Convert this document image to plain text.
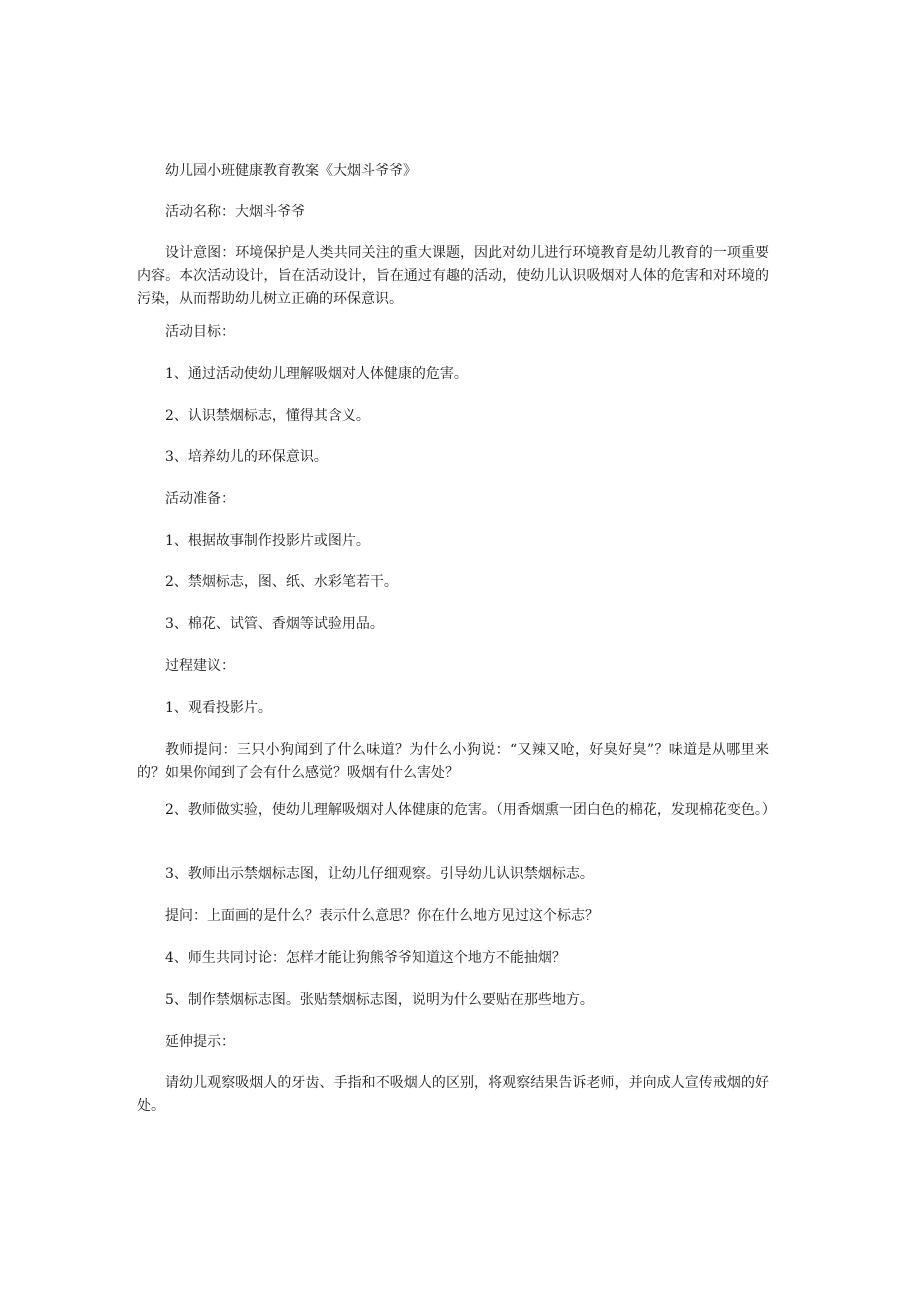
幼儿园小班健康教育教案《大烟斗爷爷》

活动名称：大烟斗爷爷

设计意图：环境保护是人类共同关注的重大课题，因此对幼儿进行环境教育是幼儿教育的一项重要内容。本次活动设计，旨在活动设计，旨在通过有趣的活动，使幼儿认识吸烟对人体的危害和对环境的污染，从而帮助幼儿树立正确的环保意识。

活动目标：

1、通过活动使幼儿理解吸烟对人体健康的危害。

2、认识禁烟标志，懂得其含义。

3、培养幼儿的环保意识。

活动准备：

1、根据故事制作投影片或图片。

2、禁烟标志，图、纸、水彩笔若干。

3、棉花、试管、香烟等试验用品。

过程建议：

1、观看投影片。

教师提问：三只小狗闻到了什么味道？为什么小狗说：“又辣又呛，好臭好臭”？味道是从哪里来的？如果你闻到了会有什么感觉？吸烟有什么害处？

2、教师做实验，使幼儿理解吸烟对人体健康的危害。（用香烟熏一团白色的棉花，发现棉花变色。）

3、教师出示禁烟标志图，让幼儿仔细观察。引导幼儿认识禁烟标志。

提问：上面画的是什么？表示什么意思？你在什么地方见过这个标志？

4、师生共同讨论：怎样才能让狗熊爷爷知道这个地方不能抽烟？

5、制作禁烟标志图。张贴禁烟标志图，说明为什么要贴在那些地方。

延伸提示：

请幼儿观察吸烟人的牙齿、手指和不吸烟人的区别，将观察结果告诉老师，并向成人宣传戒烟的好处。
